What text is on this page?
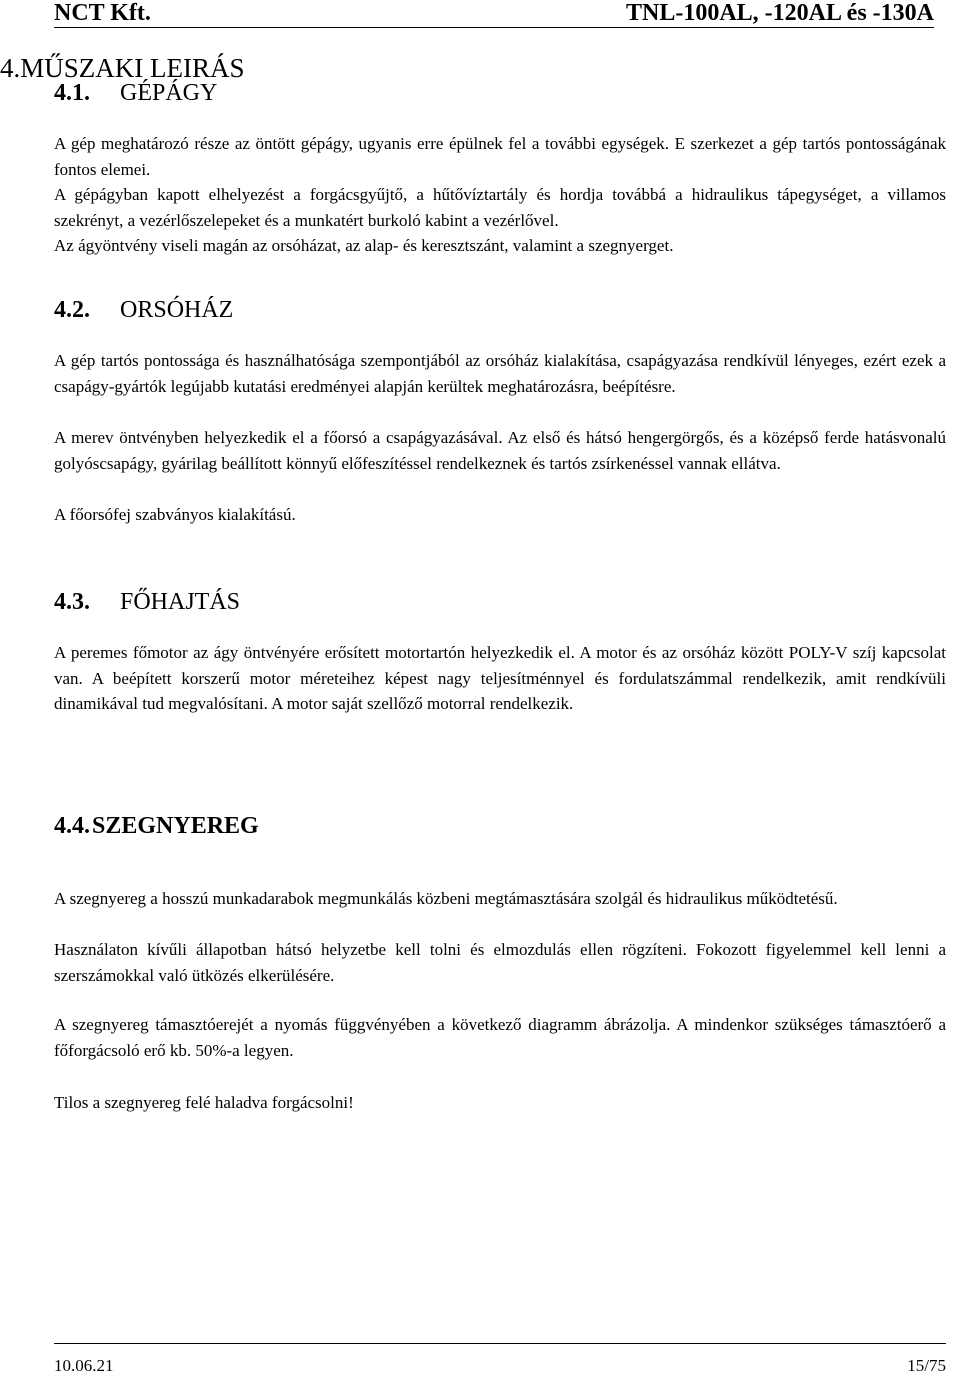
NCT Kft.	TNL-100AL, -120AL és -130A
4.MŰSZAKI LEIRÁS
4.1. GÉPÁGY

A gép meghatározó része az öntött gépágy, ugyanis erre épülnek fel a további egységek. E szerkezet a gép tartós pontosságának fontos elemei.

A gépágyban kapott elhelyezést a forgácsgyűjtő, a hűtővíztartály és hordja továbbá a hidraulikus tápegységet, a villamos szekrényt, a vezérlőszelepeket és a munkatért burkoló kabint a vezérlővel.

Az ágyöntvény viseli magán az orsóházat, az alap- és keresztszánt, valamint a szegnyerget.

4.2. ORSÓHÁZ

A gép tartós pontossága és használhatósága szempontjából az orsóház kialakítása, csapágyazása rendkívül lényeges, ezért ezek a csapágy-gyártók legújabb kutatási eredményei alapján kerültek meghatározásra, beépítésre.

A merev öntvényben helyezkedik el a főorsó a csapágyazásával. Az első és hátsó hengergörgős, és a középső ferde hatásvonalú golyóscsapágy, gyárilag beállított könnyű előfeszítéssel rendelkeznek és tartós zsírkenéssel vannak ellátva.

A főorsófej szabványos kialakítású.

4.3. FŐHAJTÁS

A peremes főmotor az ágy öntvényére erősített motortartón helyezkedik el. A motor és az orsóház között POLY-V szíj kapcsolat van. A beépített korszerű motor méreteihez képest nagy teljesítménnyel és fordulatszámmal rendelkezik, amit rendkívüli dinamikával tud megvalósítani. A motor saját szellőző motorral rendelkezik.

4.4.SZEGNYEREG

A szegnyereg a hosszú munkadarabok megmunkálás közbeni megtámasztására szolgál és hidraulikus működtetésű.

Használaton kívűli állapotban hátsó helyzetbe kell tolni és elmozdulás ellen rögzíteni. Fokozott figyelemmel kell lenni a szerszámokkal való ütközés elkerülésére.

A szegnyereg támasztóerejét a nyomás függvényében a következő diagramm ábrázolja. A mindenkor szükséges támasztóerő a főforgácsoló erő kb. 50%-a legyen.

Tilos a szegnyereg felé haladva forgácsolni!

10.06.21	15/75
